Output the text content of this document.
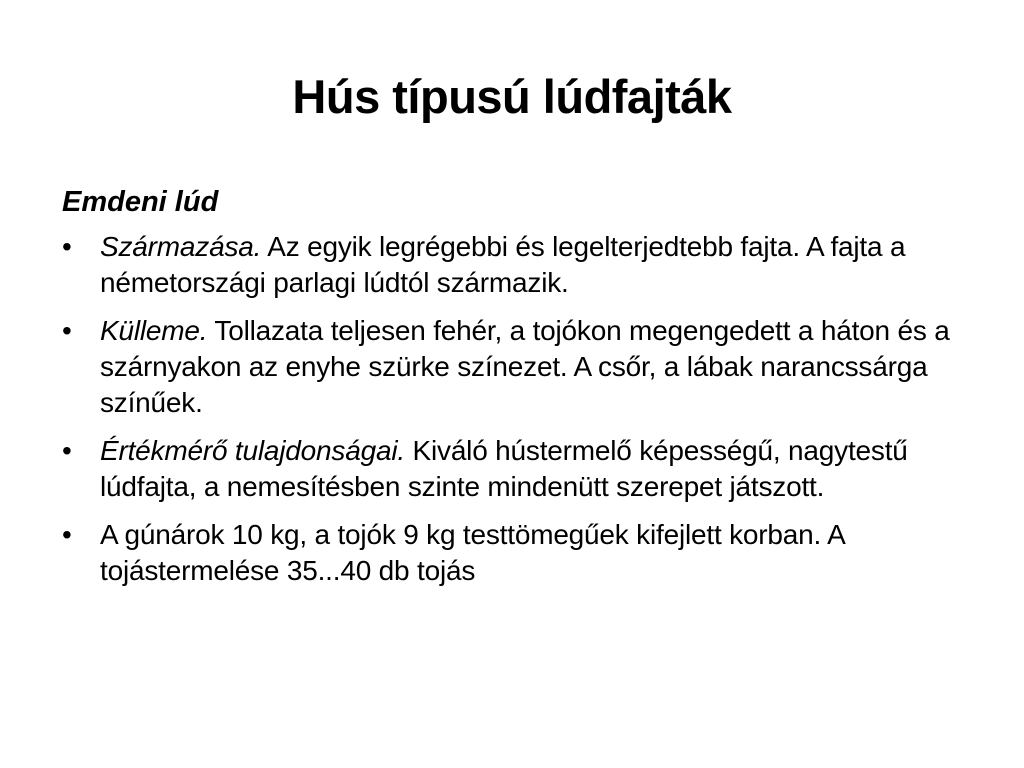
Hús típusú lúdfajták
Emdeni lúd
•	Származása. Az egyik legrégebbi és legelterjedtebb fajta. A fajta a németországi parlagi lúdtól származik.
•	Külleme. Tollazata teljesen fehér, a tojókon megengedett a háton és a szárnyakon az enyhe szürke színezet. A csőr, a lábak narancssárga színűek.
•	Értékmérő tulajdonságai. Kiváló hústermelő képességű, nagytestű lúdfajta, a nemesítésben szinte mindenütt szerepet játszott.
•	A gúnárok 10 kg, a tojók 9 kg testtömegűek kifejlett korban. A tojástermelése 35...40 db tojás
